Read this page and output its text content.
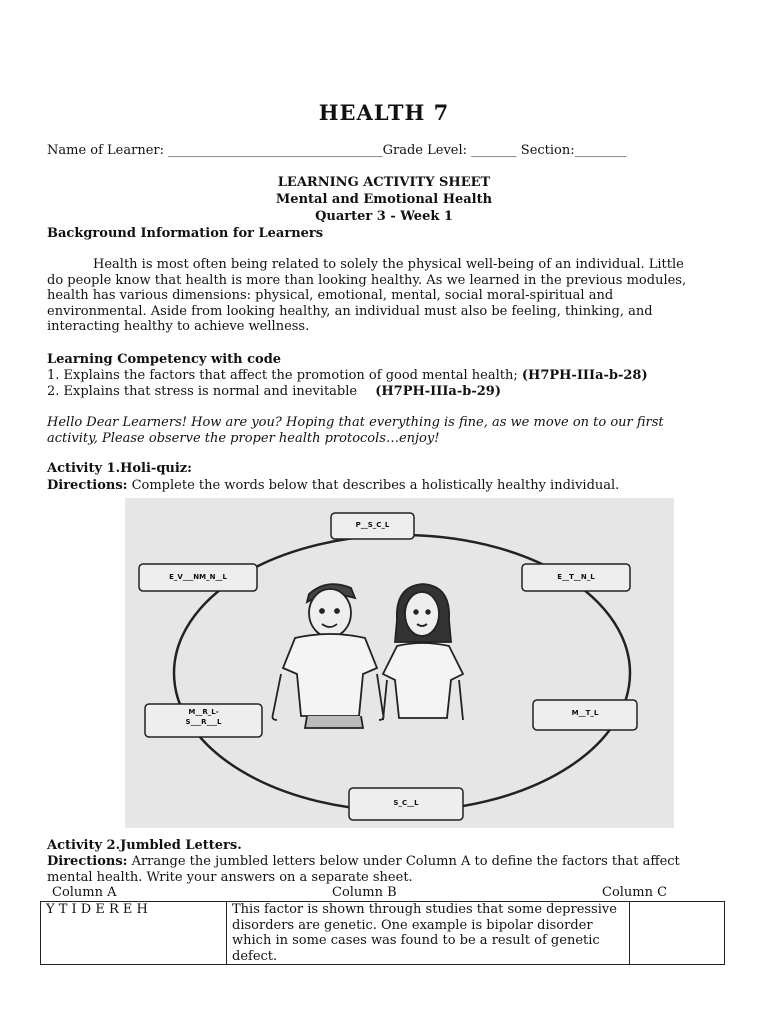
HEALTH 7
Name of Learner: _________________________________Grade Level: _______ Section:________
LEARNING ACTIVITY SHEET
Mental and Emotional Health
Quarter 3 - Week 1
Background Information for Learners
Health is most often being related to solely the physical well-being of an individual. Little
do people know that health is more than looking healthy. As we learned in the previous modules,
health has various dimensions: physical, emotional, mental, social moral-spiritual and
environmental. Aside from looking healthy, an individual must also be feeling, thinking, and
interacting healthy to achieve wellness.
Learning Competency with code
1. Explains the factors that affect the promotion of good mental health; (H7PH-IIIa-b-28)
2. Explains that stress is normal and inevitable (H7PH-IIIa-b-29)
Hello Dear Learners! How are you? Hoping that everything is fine, as we move on to our first
activity, Please observe the proper health protocols…enjoy!
Activity 1.Holi-quiz:
Directions: Complete the words below that describes a holistically healthy individual.
P__S_C_L
E_V___NM_N__L	E__T__N_L
M__R_L-
S___R___L
M__T_L
S_C__L
Activity 2.Jumbled Letters.
Directions: Arrange the jumbled letters below under Column A to define the factors that affect
mental health. Write your answers on a separate sheet.
Column A	Column B	Column C
Y T I D E R E H	This factor is shown through studies that some depressive disorders are genetic. One example is bipolar disorder which in some cases was found to be a result of genetic defect.	
